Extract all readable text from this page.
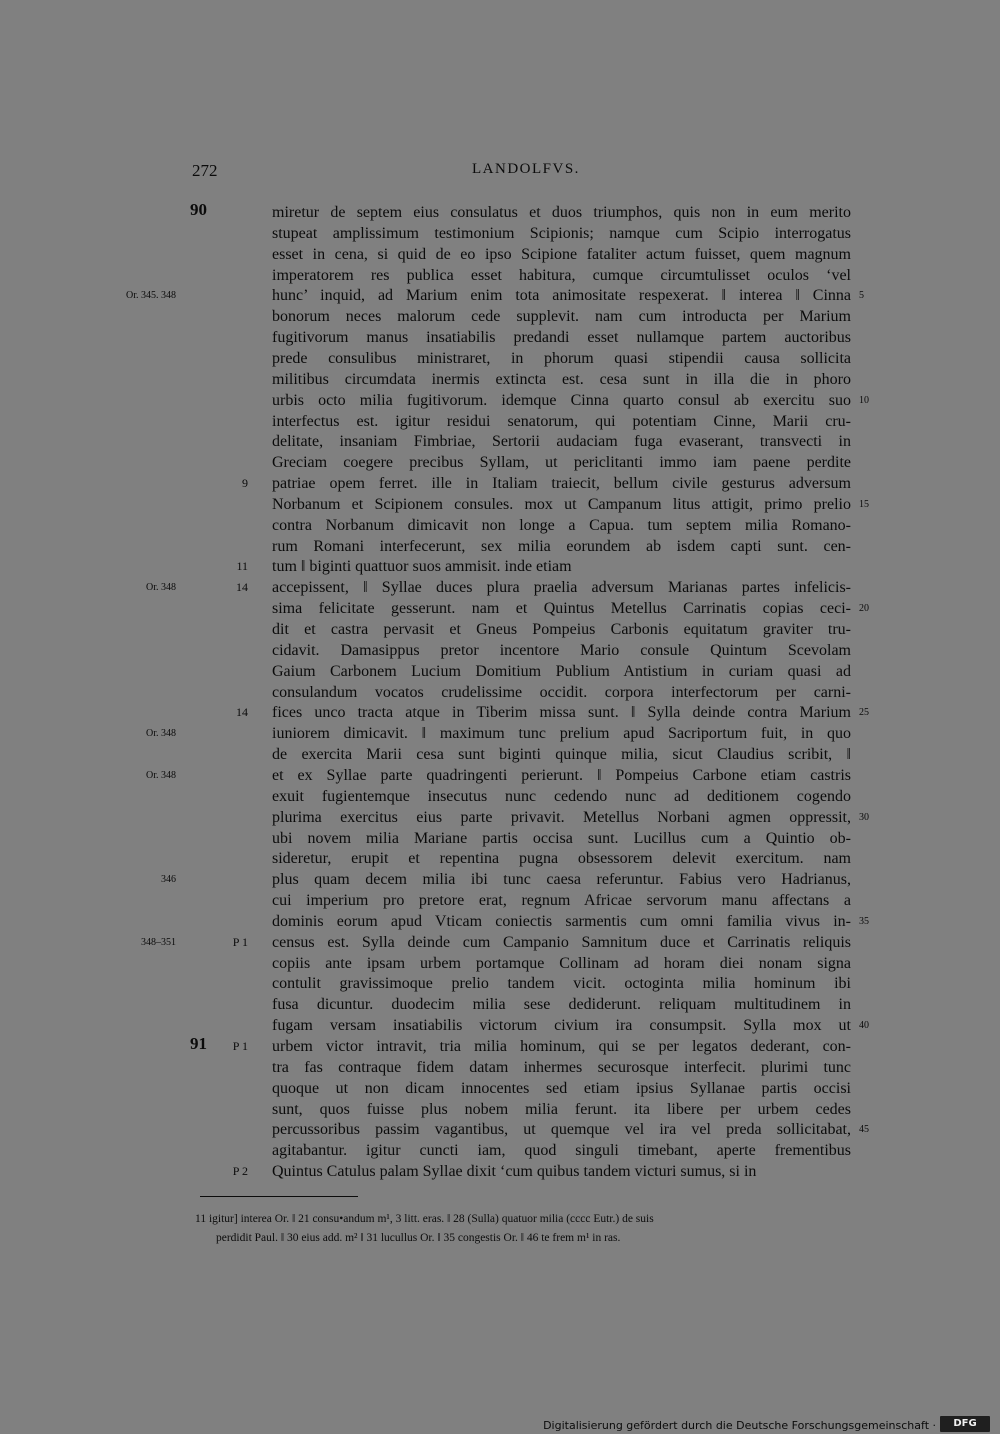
272	LANDOLFVS.
miretur de septem eius consulatus et duos triumphos, quis non in eum merito
stupeat amplissimum testimonium Scipionis; namque cum Scipio interrogatus
esset in cena, si quid de eo ipso Scipione fataliter actum fuisset, quem magnum
imperatorem res publica esset habitura, cumque circumtulisset oculos ‘vel
hunc’ inquid, ad Marium enim tota animositate respexerat. ‖ interea ‖ Cinna
bonorum neces malorum cede supplevit. nam cum introducta per Marium
fugitivorum manus insatiabilis predandi esset nullamque partem auctoribus
prede consulibus ministraret, in phorum quasi stipendii causa sollicita
militibus circumdata inermis extincta est. cesa sunt in illa die in phoro
urbis octo milia fugitivorum. idemque Cinna quarto consul ab exercitu suo
interfectus est. igitur residui senatorum, qui potentiam Cinne, Marii cru-
delitate, insaniam Fimbriae, Sertorii audaciam fuga evaserant, transvecti in
Greciam coegere precibus Syllam, ut periclitanti immo iam paene perdite
patriae opem ferret. ille in Italiam traiecit, bellum civile gesturus adversum
Norbanum et Scipionem consules. mox ut Campanum litus attigit, primo prelio
contra Norbanum dimicavit non longe a Capua. tum septem milia Romano-
rum Romani interfecerunt, sex milia eorundem ab isdem capti sunt. cen-
tum ‖ biginti quattuor suos ammisit. inde etiam
accepissent, ‖ Syllae duces plura praelia adversum Marianas partes infelicis-
sima felicitate gesserunt. nam et Quintus Metellus Carrinatis copias ceci-
dit et castra pervasit et Gneus Pompeius Carbonis equitatum graviter tru-
cidavit. Damasippus pretor incentore Mario consule Quintum Scevolam
Gaium Carbonem Lucium Domitium Publium Antistium in curiam quasi ad
consulandum vocatos crudelissime occidit. corpora interfectorum per carni-
fices unco tracta atque in Tiberim missa sunt. ‖ Sylla deinde contra Marium
iuniorem dimicavit. ‖ maximum tunc prelium apud Sacriportum fuit, in quo
de exercita Marii cesa sunt biginti quinque milia, sicut Claudius scribit, ‖
et ex Syllae parte quadringenti perierunt. ‖ Pompeius Carbone etiam castris
exuit fugientemque insecutus nunc cedendo nunc ad deditionem cogendo
plurima exercitus eius parte privavit. Metellus Norbani agmen oppressit,
ubi novem milia Mariane partis occisa sunt. Lucillus cum a Quintio ob-
sideretur, erupit et repentina pugna obsessorem delevit exercitum. nam
plus quam decem milia ibi tunc caesa referuntur. Fabius vero Hadrianus,
cui imperium pro pretore erat, regnum Africae servorum manu affectans a
dominis eorum apud Vticam coniectis sarmentis cum omni familia vivus in-
census est. Sylla deinde cum Campanio Samnitum duce et Carrinatis reliquis
copiis ante ipsam urbem portamque Collinam ad horam diei nonam signa
contulit gravissimoque prelio tandem vicit. octoginta milia hominum ibi
fusa dicuntur. duodecim milia sese dediderunt. reliquam multitudinem in
fugam versam insatiabilis victorum civium ira consumpsit. Sylla mox ut
urbem victor intravit, tria milia hominum, qui se per legatos dederant, con-
tra fas contraque fidem datam inhermes securosque interfecit. plurimi tunc
quoque ut non dicam innocentes sed etiam ipsius Syllanae partis occisi
sunt, quos fuisse plus nobem milia ferunt. ita libere per urbem cedes
percussoribus passim vagantibus, ut quemque vel ira vel preda sollicitabat,
agitabantur. igitur cuncti iam, quod singuli timebant, aperte frementibus
Quintus Catulus palam Syllae dixit ‘cum quibus tandem victuri sumus, si in
Or. 345. 348
Or. 348
Or. 348
Or. 348
346
348–351
9
11
14
14
P 1
P 1
P 2
5
10
15
20
25
30
35
40
45
90
91
11 igitur] interea Or. ‖ 21 consu•andum m¹, 3 litt. eras. ‖ 28 (Sulla) quatuor milia (cccc Eutr.) de suis
perdidit Paul. ‖ 30 eius add. m² ‖ 31 lucullus Or. ‖ 35 congestis Or. ‖ 46 te frem m¹ in ras.
Digitalisierung gefördert durch die Deutsche Forschungsgemeinschaft ·	DFG
